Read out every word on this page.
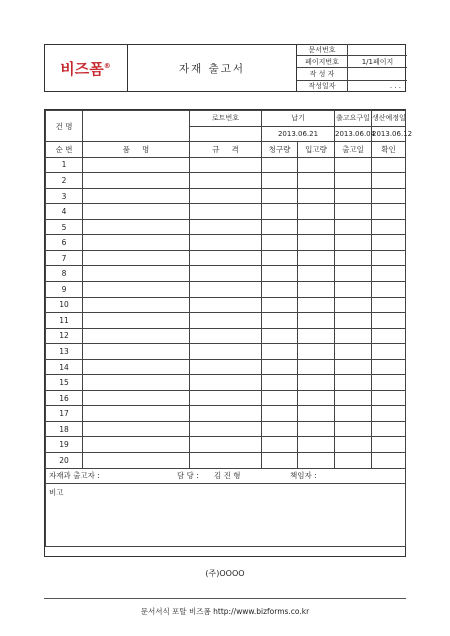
비즈폼®	자재 출고서
문서번호	
페이지번호	1/1페이지
작 성 자	
작성일자	. . .
건 명		로트번호	납기		출고요구일	생산예정일
			2013.06.21		2013.06.04	2013.06.12
순 번	품     명	규     격	청구량	입고량	출고일	확인
1						
2						
3						
4						
5						
6						
7						
8						
9						
10						
11						
12						
13						
14						
15						
16						
17						
18						
19						
20						
자재과 출고자 : 담 당 : 김 진 형 책임자 :						

비고						
(주)OOOO
문서서식 포탈 비즈폼 http://www.bizforms.co.kr
